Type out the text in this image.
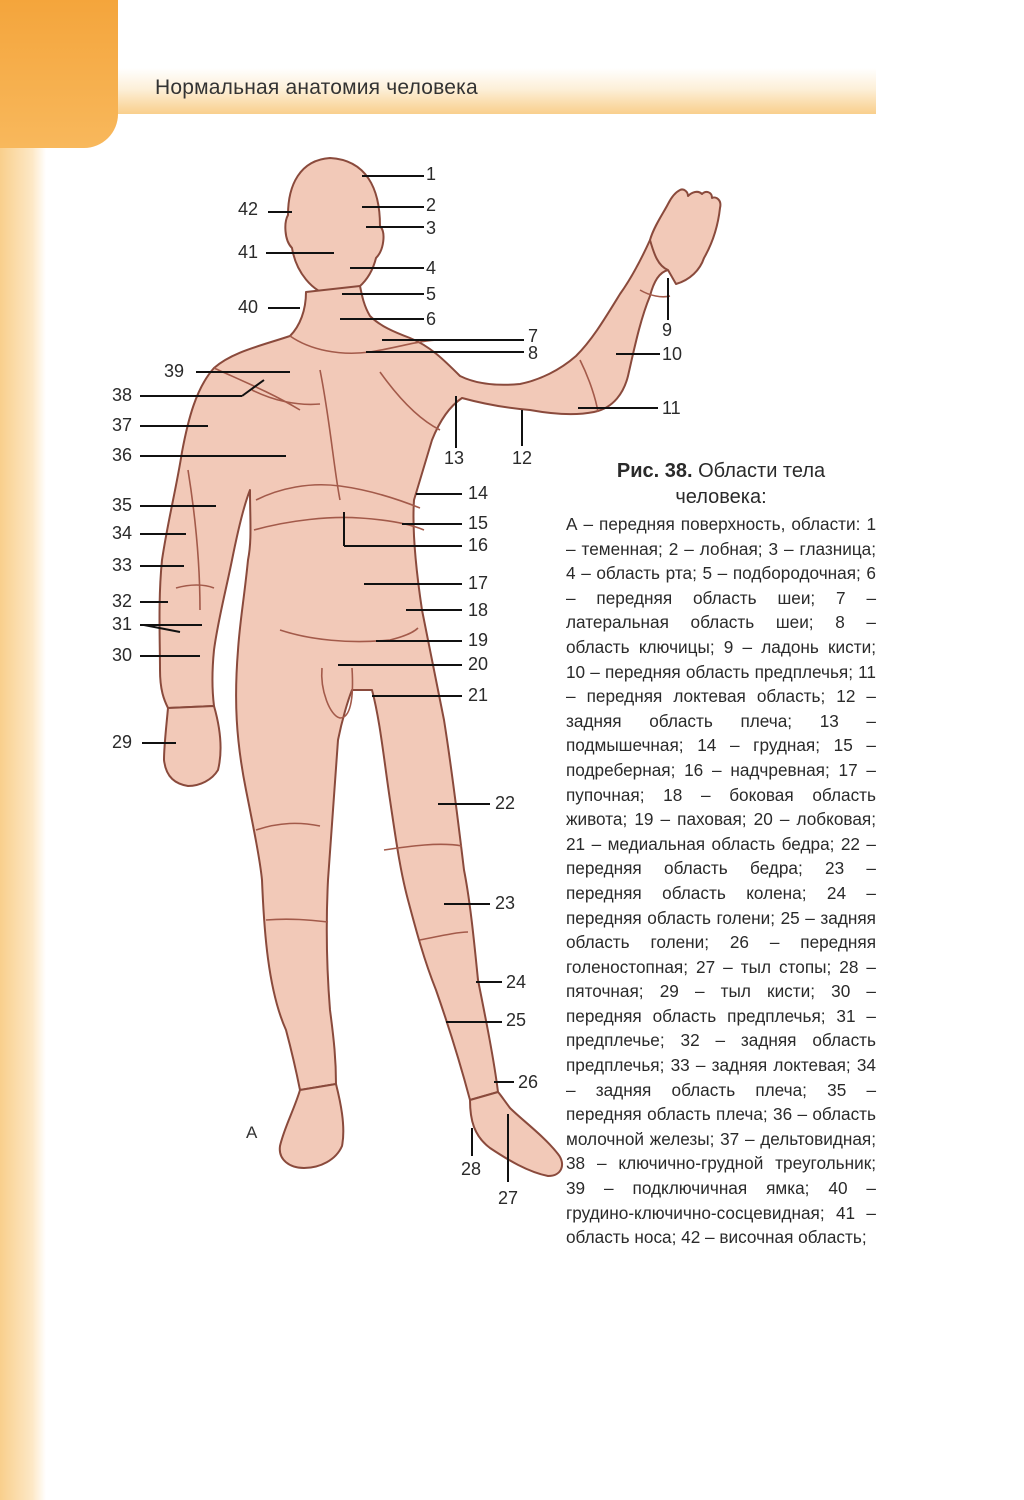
Нормальная анатомия человека
1
2
3
4
5
6
7
8
9
10
11
12
13
14
15
16
17
18
19
20
21
22
23
24
25
26
27
28
29
30
31
32
33
34
35
36
37
38
39
40
41
42
А
Рис. 38. Области тела
человека:
А – передняя поверхность, области: 1 – теменная; 2 – лобная; 3 – глазница; 4 – область рта; 5 – подбородочная; 6 – передняя область шеи; 7 – латеральная область шеи; 8 – область ключицы; 9 – ладонь кисти; 10 – передняя область предплечья; 11 – передняя локтевая область; 12 – задняя область плеча; 13 – подмышечная; 14 – грудная; 15 – подреберная; 16 – надчревная; 17 – пупочная; 18 – боковая область живота; 19 – паховая; 20 – лобковая; 21 – медиальная область бедра; 22 – передняя область бедра; 23 – передняя область колена; 24 – передняя область голени; 25 – задняя область голени; 26 – передняя голеностопная; 27 – тыл стопы; 28 – пяточная; 29 – тыл кисти; 30 – передняя область предплечья; 31 – предплечье; 32 – задняя область предплечья; 33 – задняя локтевая; 34 – задняя область плеча; 35 – передняя область плеча; 36 – область молочной железы; 37 – дельтовидная; 38 – ключично-грудной треугольник; 39 – подключичная ямка; 40 – грудино-ключично-сосцевидная; 41 – область носа; 42 – височная область;
